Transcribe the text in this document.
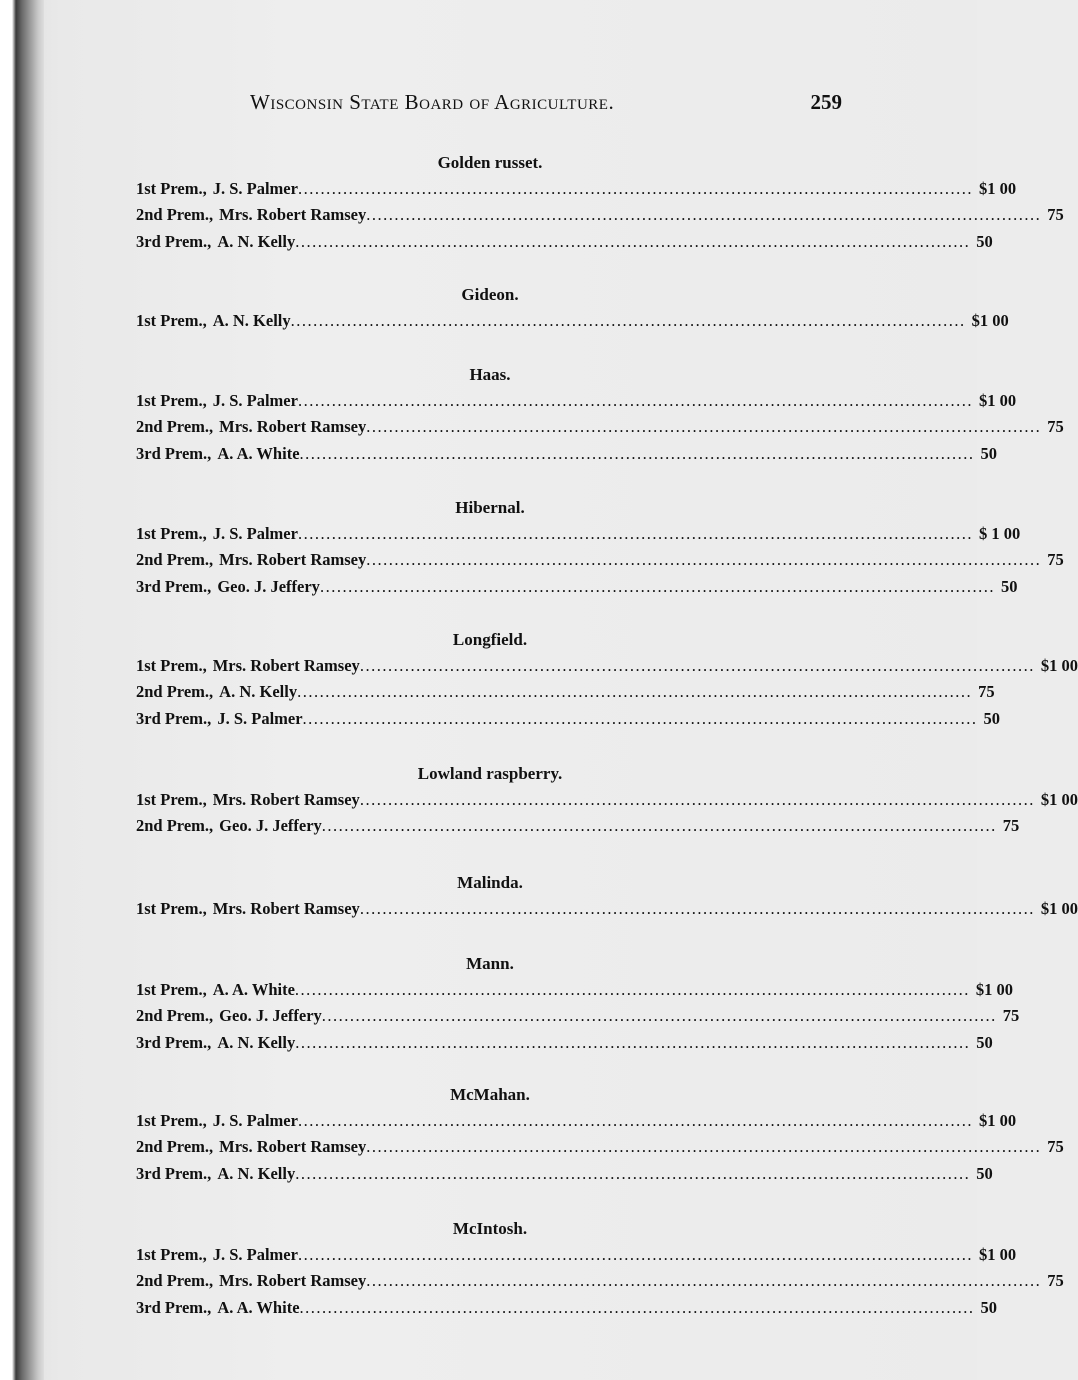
Wisconsin State Board of Agriculture.	259
Golden russet.
1st Prem., J. S. Palmer ........................................................................................................................ $1 00
2nd Prem., Mrs. Robert Ramsey ........................................................................................................................ 75
3rd Prem., A. N. Kelly ........................................................................................................................ 50
Gideon.
1st Prem., A. N. Kelly ........................................................................................................................ $1 00
Haas.
1st Prem., J. S. Palmer ........................................................................................................................ $1 00
2nd Prem., Mrs. Robert Ramsey ........................................................................................................................ 75
3rd Prem., A. A. White ........................................................................................................................ 50
Hibernal.
1st Prem., J. S. Palmer ........................................................................................................................ $ 1 00
2nd Prem., Mrs. Robert Ramsey ........................................................................................................................ 75
3rd Prem., Geo. J. Jeffery ........................................................................................................................ 50
Longfield.
1st Prem., Mrs. Robert Ramsey ........................................................................................................................ $1 00
2nd Prem., A. N. Kelly ........................................................................................................................ 75
3rd Prem., J. S. Palmer ........................................................................................................................ 50
Lowland raspberry.
1st Prem., Mrs. Robert Ramsey ........................................................................................................................ $1 00
2nd Prem., Geo. J. Jeffery ........................................................................................................................ 75
Malinda.
1st Prem., Mrs. Robert Ramsey ........................................................................................................................ $1 00
Mann.
1st Prem., A. A. White ........................................................................................................................ $1 00
2nd Prem., Geo. J. Jeffery ........................................................................................................................ 75
3rd Prem., A. N. Kelly ........................................................................................................................ 50
McMahan.
1st Prem., J. S. Palmer ........................................................................................................................ $1 00
2nd Prem., Mrs. Robert Ramsey ........................................................................................................................ 75
3rd Prem., A. N. Kelly ........................................................................................................................ 50
McIntosh.
1st Prem., J. S. Palmer ........................................................................................................................ $1 00
2nd Prem., Mrs. Robert Ramsey ........................................................................................................................ 75
3rd Prem., A. A. White ........................................................................................................................ 50
